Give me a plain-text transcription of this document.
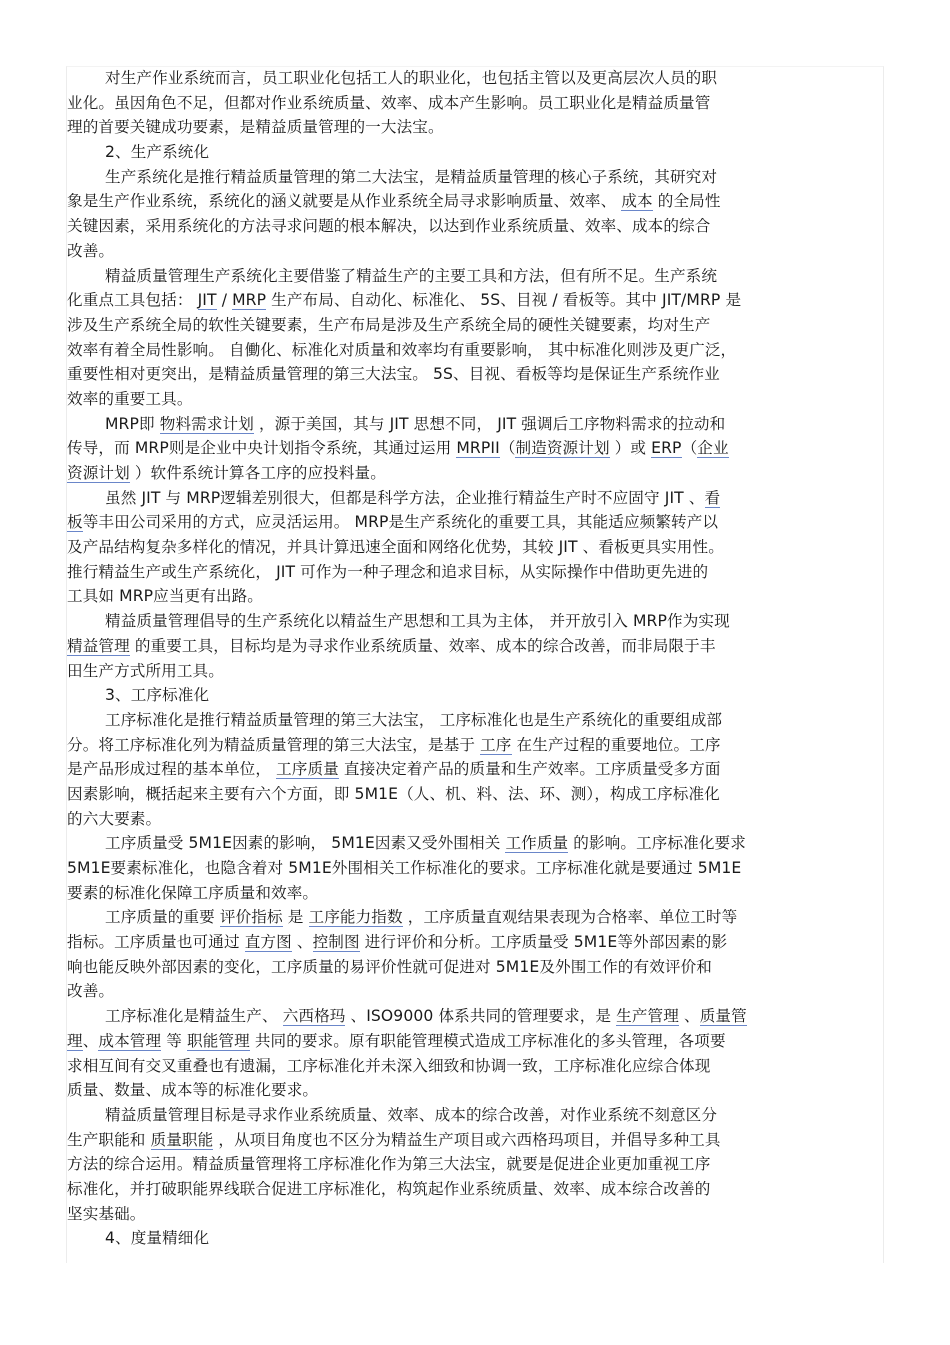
对生产作业系统而言，员工职业化包括工人的职业化，也包括主管以及更高层次人员的职
业化。虽因角色不足，但都对作业系统质量、效率、成本产生影响。员工职业化是精益质量管
理的首要关键成功要素，是精益质量管理的一大法宝。
2、生产系统化
生产系统化是推行精益质量管理的第二大法宝，是精益质量管理的核心子系统，其研究对
象是生产作业系统，系统化的涵义就要是从作业系统全局寻求影响质量、效率、 成本 的全局性
关键因素，采用系统化的方法寻求问题的根本解决，以达到作业系统质量、效率、成本的综合
改善。
精益质量管理生产系统化主要借鉴了精益生产的主要工具和方法，但有所不足。生产系统
化重点工具包括： JIT / MRP 生产布局、自动化、标准化、 5S、目视 / 看板等。其中 JIT/MRP 是
涉及生产系统全局的软性关键要素，生产布局是涉及生产系统全局的硬性关键要素，均对生产
效率有着全局性影响。 自働化、标准化对质量和效率均有重要影响， 其中标准化则涉及更广泛，
重要性相对更突出，是精益质量管理的第三大法宝。 5S、目视、看板等均是保证生产系统作业
效率的重要工具。
MRP即 物料需求计划 ，源于美国，其与 JIT 思想不同， JIT 强调后工序物料需求的拉动和
传导，而 MRP则是企业中央计划指令系统，其通过运用 MRPII（制造资源计划 ）或 ERP（企业
资源计划 ）软件系统计算各工序的应投料量。
虽然 JIT 与 MRP逻辑差别很大，但都是科学方法，企业推行精益生产时不应固守 JIT 、看
板等丰田公司采用的方式，应灵活运用。 MRP是生产系统化的重要工具，其能适应频繁转产以
及产品结构复杂多样化的情况，并具计算迅速全面和网络化优势，其较 JIT 、看板更具实用性。
推行精益生产或生产系统化， JIT 可作为一种子理念和追求目标，从实际操作中借助更先进的
工具如 MRP应当更有出路。
精益质量管理倡导的生产系统化以精益生产思想和工具为主体， 并开放引入 MRP作为实现
精益管理 的重要工具，目标均是为寻求作业系统质量、效率、成本的综合改善，而非局限于丰
田生产方式所用工具。
3、工序标准化
工序标准化是推行精益质量管理的第三大法宝， 工序标准化也是生产系统化的重要组成部
分。将工序标准化列为精益质量管理的第三大法宝，是基于 工序 在生产过程的重要地位。工序
是产品形成过程的基本单位， 工序质量 直接决定着产品的质量和生产效率。工序质量受多方面
因素影响，概括起来主要有六个方面，即 5M1E（人、机、料、法、环、测），构成工序标准化
的六大要素。
工序质量受 5M1E因素的影响， 5M1E因素又受外围相关 工作质量 的影响。工序标准化要求
5M1E要素标准化，也隐含着对 5M1E外围相关工作标准化的要求。工序标准化就是要通过 5M1E
要素的标准化保障工序质量和效率。
工序质量的重要 评价指标 是 工序能力指数 ，工序质量直观结果表现为合格率、单位工时等
指标。工序质量也可通过 直方图 、控制图 进行评价和分析。工序质量受 5M1E等外部因素的影
响也能反映外部因素的变化，工序质量的易评价性就可促进对 5M1E及外围工作的有效评价和
改善。
工序标准化是精益生产、 六西格玛 、ISO9000 体系共同的管理要求，是 生产管理 、质量管
理、成本管理 等 职能管理 共同的要求。原有职能管理模式造成工序标准化的多头管理，各项要
求相互间有交叉重叠也有遗漏，工序标准化并未深入细致和协调一致，工序标准化应综合体现
质量、数量、成本等的标准化要求。
精益质量管理目标是寻求作业系统质量、效率、成本的综合改善，对作业系统不刻意区分
生产职能和 质量职能 ，从项目角度也不区分为精益生产项目或六西格玛项目，并倡导多种工具
方法的综合运用。精益质量管理将工序标准化作为第三大法宝，就要是促进企业更加重视工序
标准化，并打破职能界线联合促进工序标准化，构筑起作业系统质量、效率、成本综合改善的
坚实基础。
4、度量精细化
